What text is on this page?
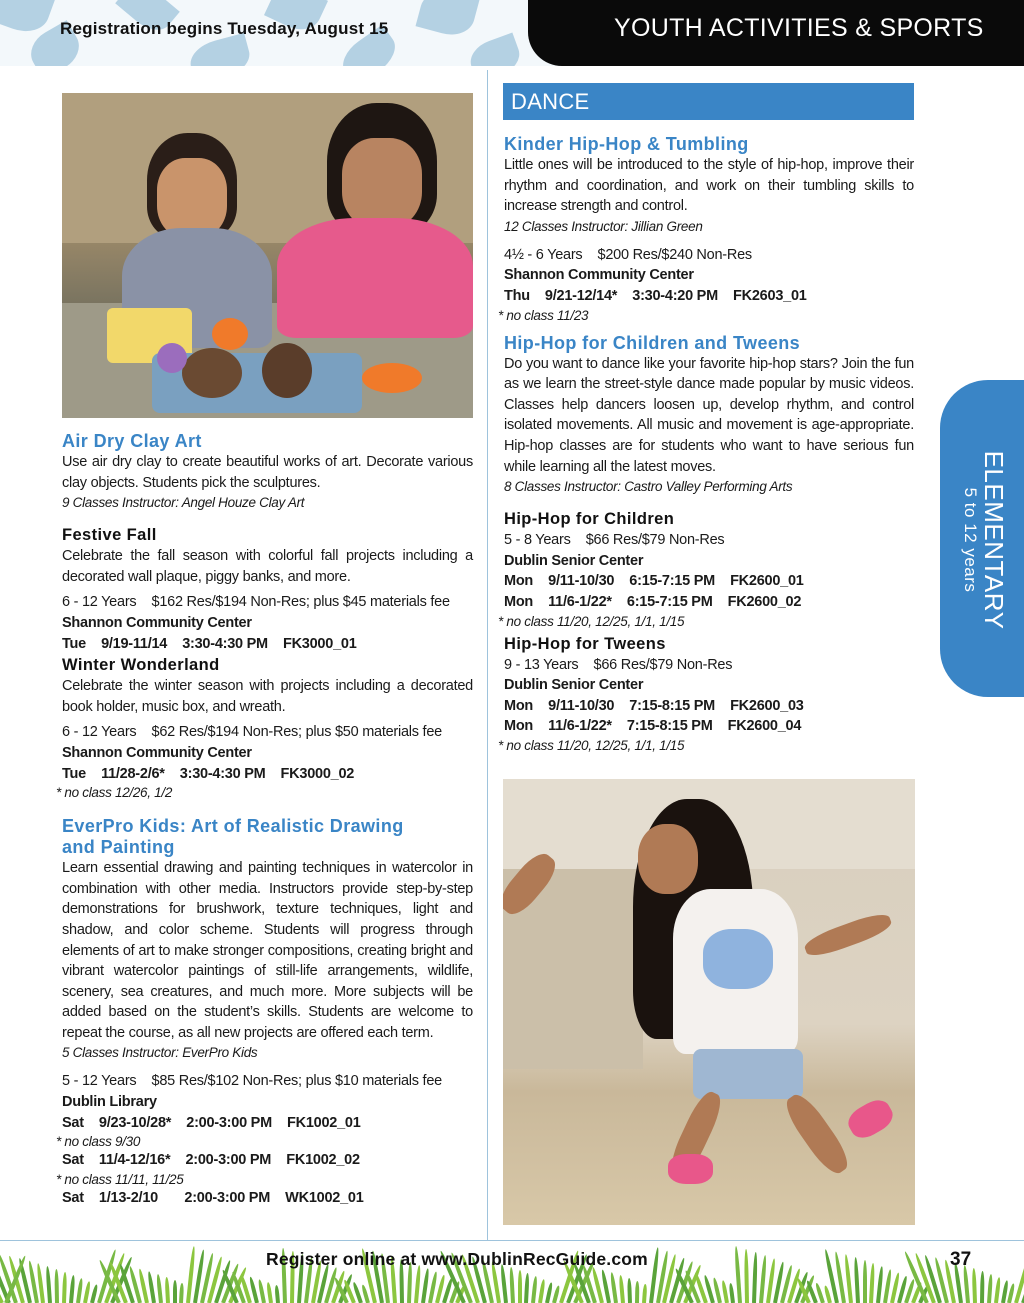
Registration begins Tuesday, August 15	YOUTH ACTIVITIES & SPORTS
Air Dry Clay Art

Use air dry clay to create beautiful works of art. Decorate various clay objects. Students pick the sculptures.

9 Classes Instructor: Angel Houze Clay Art

Festive Fall

Celebrate the fall season with colorful fall projects including a decorated wall plaque, piggy banks, and more.

6 - 12 Years    $162 Res/$194 Non-Res; plus $45 materials fee

Shannon Community Center

Tue    9/19-11/14    3:30-4:30 PM    FK3000_01

Winter Wonderland

Celebrate the winter season with projects including a decorated book holder, music box, and wreath.

6 - 12 Years    $62 Res/$194 Non-Res; plus $50 materials fee

Shannon Community Center

Tue    11/28-2/6*    3:30-4:30 PM    FK3000_02

* no class 12/26, 1/2

EverPro Kids: Art of Realistic Drawing
and Painting

Learn essential drawing and painting techniques in watercolor in combination with other media. Instructors provide step-by-step demonstrations for brushwork, texture techniques, light and shadow, and color scheme. Students will progress through elements of art to make stronger compositions, creating bright and vibrant watercolor paintings of still-life arrangements, wildlife, scenery, sea creatures, and much more. More subjects will be added based on the student’s skills. Students are welcome to repeat the course, as all new projects are offered each term.

5 Classes Instructor: EverPro Kids

5 - 12 Years    $85 Res/$102 Non-Res; plus $10 materials fee

Dublin Library

Sat    9/23-10/28*    2:00-3:00 PM    FK1002_01

* no class 9/30

Sat    11/4-12/16*    2:00-3:00 PM    FK1002_02

* no class 11/11, 11/25

Sat    1/13-2/10       2:00-3:00 PM    WK1002_01

DANCE
Kinder Hip-Hop & Tumbling

Little ones will be introduced to the style of hip-hop, improve their rhythm and coordination, and work on their tumbling skills to increase strength and control.

12 Classes Instructor: Jillian Green

4½ - 6 Years    $200 Res/$240 Non-Res

Shannon Community Center

Thu    9/21-12/14*    3:30-4:20 PM    FK2603_01

* no class 11/23

Hip-Hop for Children and Tweens

Do you want to dance like your favorite hip-hop stars? Join the fun as we learn the street-style dance made popular by music videos. Classes help dancers loosen up, develop rhythm, and control isolated movements. All music and movement is age-appropriate. Hip-hop classes are for students who want to have serious fun while learning all the latest moves.

8 Classes Instructor: Castro Valley Performing Arts

Hip-Hop for Children

5 - 8 Years    $66 Res/$79 Non-Res

Dublin Senior Center

Mon    9/11-10/30    6:15-7:15 PM    FK2600_01

Mon    11/6-1/22*    6:15-7:15 PM    FK2600_02

* no class 11/20, 12/25, 1/1, 1/15

Hip-Hop for Tweens

9 - 13 Years    $66 Res/$79 Non-Res

Dublin Senior Center

Mon    9/11-10/30    7:15-8:15 PM    FK2600_03

Mon    11/6-1/22*    7:15-8:15 PM    FK2600_04

* no class 11/20, 12/25, 1/1, 1/15

ELEMENTARY
5 to 12 years
Register online at www.DublinRecGuide.com	37
